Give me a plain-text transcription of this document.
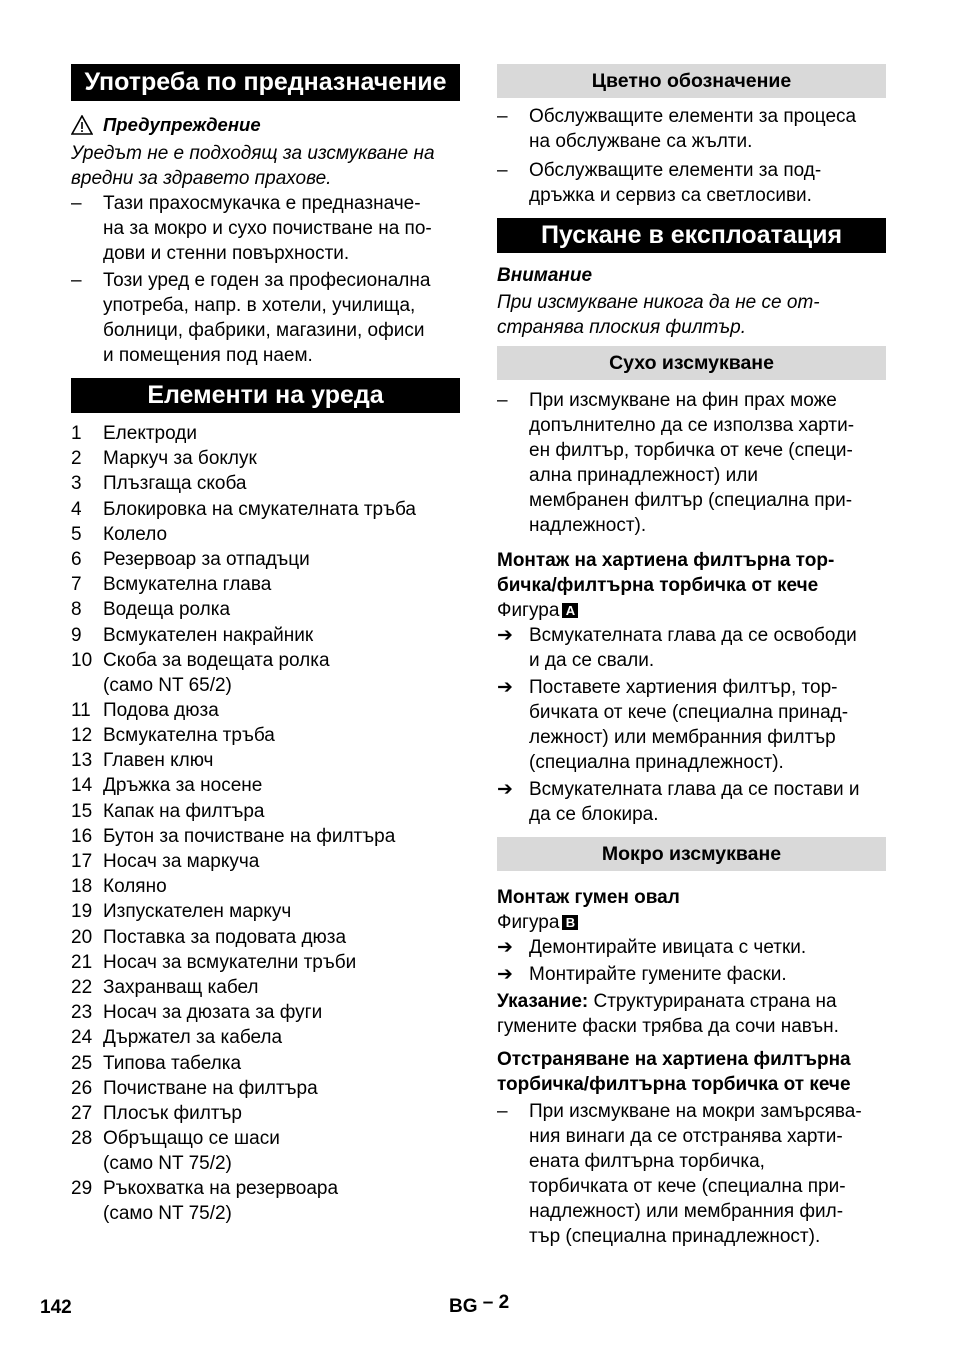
Употреба по предназначение
Предупреждение

Уредът не е подходящ за изсмукване на вредни за здравето прахове.

–	Тази прахосмукачка е предназначе-
на за мокро и сухо почистване на по-
дови и стенни повърхности.
–	Този уред е годен за професионална
употреба, напр. в хотели, училища,
болници, фабрики, магазини, офиси
и помещения под наем.
Елементи на уреда
1	Електроди
2	Маркуч за боклук
3	Плъзгаща скоба
4	Блокировка на смукателната тръба
5	Колело
6	Резервоар за отпадъци
7	Всмукателна глава
8	Водеща ролка
9	Всмукателен накрайник
10 Скоба за водещата ролка
(само NT 65/2)
11 Подова дюза
12 Всмукателна тръба
13 Главен ключ
14 Дръжка за носене
15 Капак на филтъра
16 Бутон за почистване на филтъра
17 Носач за маркуча
18 Коляно
19 Изпускателен маркуч
20 Поставка за подовата дюза
21 Носач за всмукателни тръби
22 Захранващ кабел
23 Носач за дюзата за фуги
24 Държател за кабела
25 Типова табелка
26 Почистване на филтъра
27 Плосък филтър
28 Обръщащо се шаси
(само NT 75/2)
29 Ръкохватка на резервоара
(само NT 75/2)
Цветно обозначение
–	Обслужващите елементи за процеса
на обслужване са жълти.
–	Обслужващите елементи за под-
дръжка и сервиз са светлосиви.
Пускане в експлоатация

Внимание

При изсмукване никога да не се от-
странява плоския филтър.

Сухо изсмукване
–	При изсмукване на фин прах може
допълнително да се използва харти-
ен филтър, торбичка от кече (специ-
ална принадлежност) или
мембранен филтър (специална при-
надлежност).

Монтаж на хартиена филтърна тор-
бичка/филтърна торбичка от кече

Фигура A

➔ Всмукателната глава да се освободи
и да се свали.
➔ Поставете хартиения филтър, тор-
бичката от кече (специална принад-
лежност) или мембранния филтър
(специална принадлежност).
➔ Всмукателната глава да се постави и
да се блокира.
Мокро изсмукване

Монтаж гумен овал

Фигура B

➔ Демонтирайте ивицата с четки.
➔ Монтирайте гумените фаски.

Указание: Структурираната страна на
гумените фаски трябва да сочи навън.

Отстраняване на хартиена филтърна
торбичка/филтърна торбичка от кече

–	При изсмукване на мокри замърсява-
ния винаги да се отстранява харти-
ената филтърна торбичка,
торбичката от кече (специална при-
надлежност) или мембранния фил-
тър (специална принадлежност).
142	BG – 2
